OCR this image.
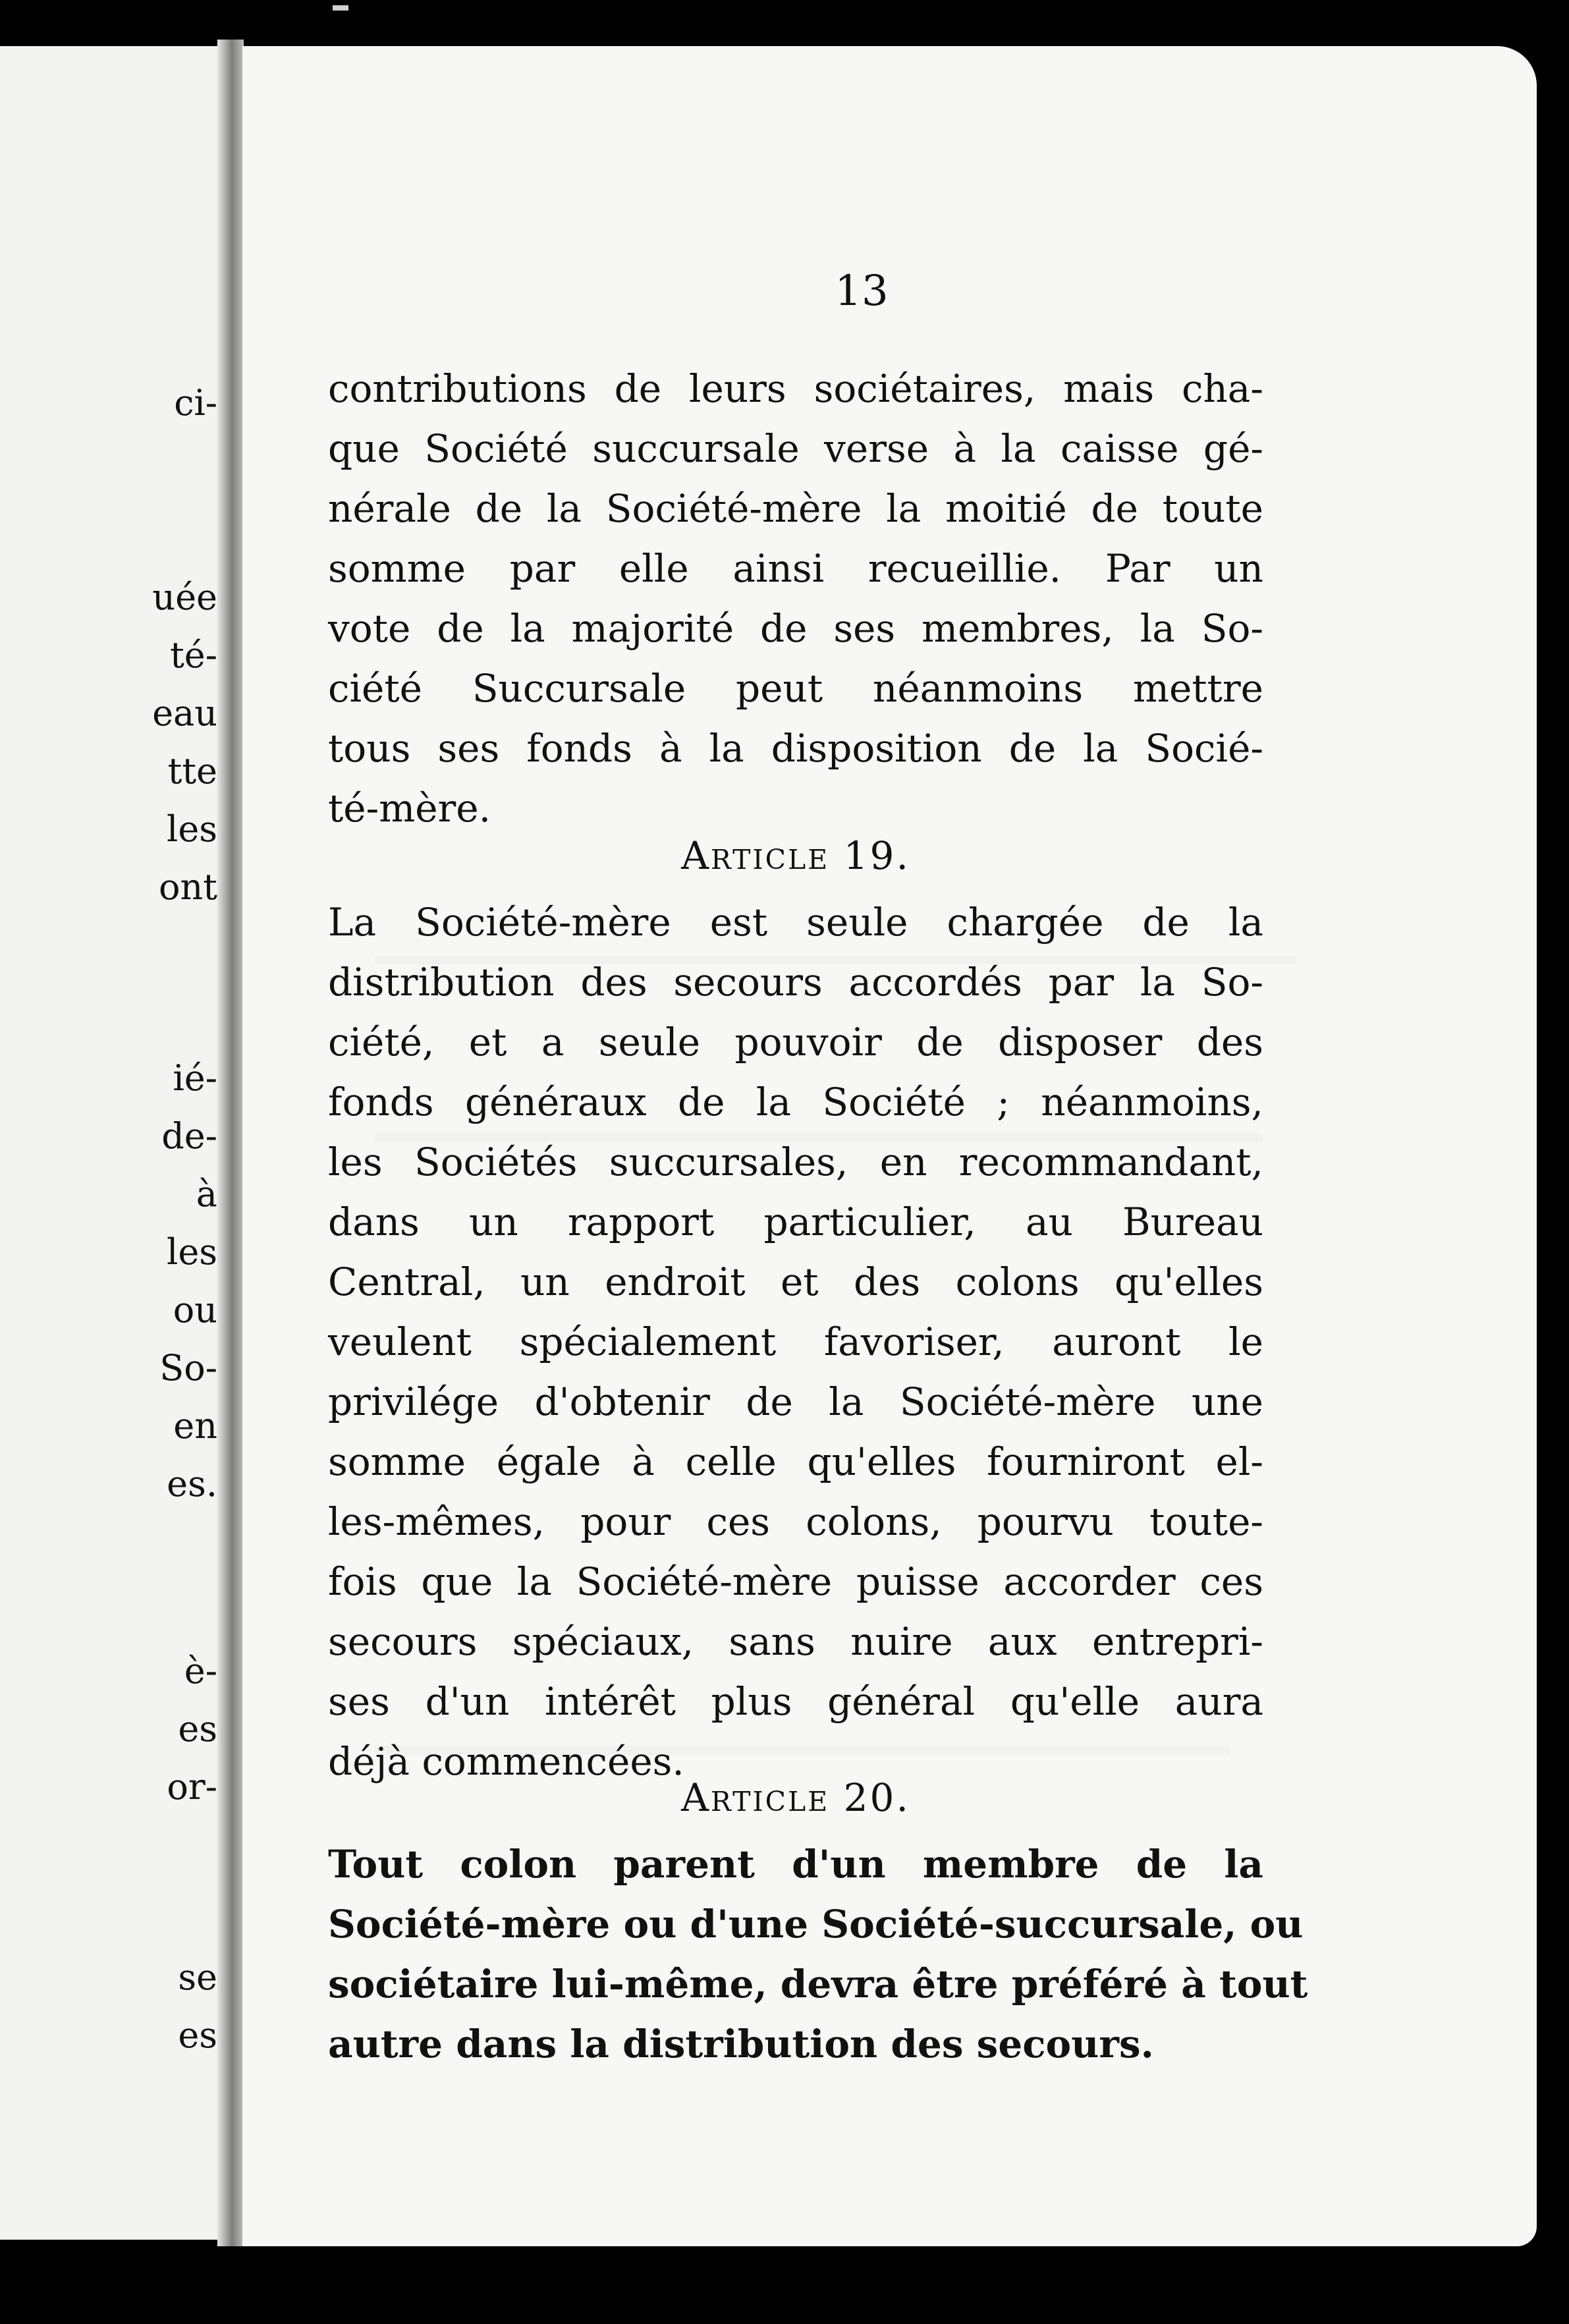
ci-
uée
té-
eau
tte
les
ont
ié-
de-
à
les
ou
So-
en
es.
è-
es
or-
se
es
13
contributions de leurs sociétaires, mais cha-
que Société succursale verse à la caisse gé-
nérale de la Société-mère la moitié de toute
somme par elle ainsi recueillie. Par un
vote de la majorité de ses membres, la So-
ciété Succursale peut néanmoins mettre
tous ses fonds à la disposition de la Socié-
té-mère.
Article 19.
La Société-mère est seule chargée de la
distribution des secours accordés par la So-
ciété, et a seule pouvoir de disposer des
fonds généraux de la Société ; néanmoins,
les Sociétés succursales, en recommandant,
dans un rapport particulier, au Bureau
Central, un endroit et des colons qu'elles
veulent spécialement favoriser, auront le
privilége d'obtenir de la Société-mère une
somme égale à celle qu'elles fourniront el-
les-mêmes, pour ces colons, pourvu toute-
fois que la Société-mère puisse accorder ces
secours spéciaux, sans nuire aux entrepri-
ses d'un intérêt plus général qu'elle aura
déjà commencées.
Article 20.
Tout colon parent d'un membre de la
Société-mère ou d'une Société-succursale, ou
sociétaire lui-même, devra être préféré à tout
autre dans la distribution des secours.
